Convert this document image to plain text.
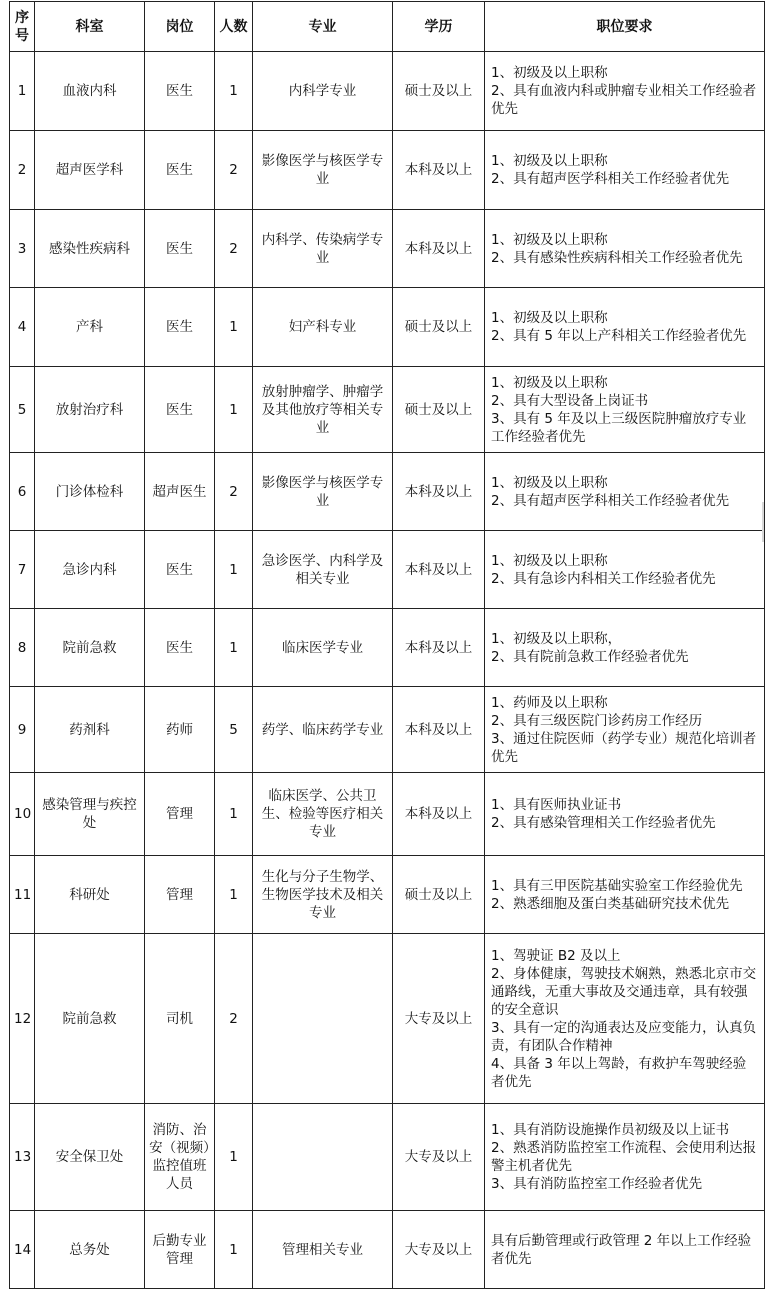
序号	科室	岗位	人数	专业	学历	职位要求
1	血液内科	医生	1	内科学专业	硕士及以上	1、初级及以上职称
2、具有血液内科或肿瘤专业相关工作经验者优先

2	超声医学科	医生	2	影像医学与核医学专业	本科及以上	1、初级及以上职称
2、具有超声医学科相关工作经验者优先

3	感染性疾病科	医生	2	内科学、传染病学专业	本科及以上	1、初级及以上职称
2、具有感染性疾病科相关工作经验者优先

4	产科	医生	1	妇产科专业	硕士及以上	1、初级及以上职称
2、具有 5 年以上产科相关工作经验者优先

5	放射治疗科	医生	1	放射肿瘤学、肿瘤学及其他放疗等相关专业	硕士及以上	1、初级及以上职称
2、具有大型设备上岗证书
3、具有 5 年及以上三级医院肿瘤放疗专业工作经验者优先

6	门诊体检科	超声医生	2	影像医学与核医学专业	本科及以上	1、初级及以上职称
2、具有超声医学科相关工作经验者优先

7	急诊内科	医生	1	急诊医学、内科学及相关专业	本科及以上	1、初级及以上职称
2、具有急诊内科相关工作经验者优先

8	院前急救	医生	1	临床医学专业	本科及以上	1、初级及以上职称，
2、具有院前急救工作经验者优先

9	药剂科	药师	5	药学、临床药学专业	本科及以上	1、药师及以上职称
2、具有三级医院门诊药房工作经历
3、通过住院医师（药学专业）规范化培训者优先

10	感染管理与疾控处	管理	1	临床医学、公共卫生、检验等医疗相关专业	本科及以上	1、具有医师执业证书
2、具有感染管理相关工作经验者优先

11	科研处	管理	1	生化与分子生物学、生物医学技术及相关专业	硕士及以上	1、具有三甲医院基础实验室工作经验优先
2、熟悉细胞及蛋白类基础研究技术优先

12	院前急救	司机	2		大专及以上	1、驾驶证 B2 及以上
2、身体健康，驾驶技术娴熟，熟悉北京市交通路线，无重大事故及交通违章，具有较强的安全意识
3、具有一定的沟通表达及应变能力，认真负责，有团队合作精神
4、具备 3 年以上驾龄，有救护车驾驶经验者优先

13	安全保卫处	消防、治安（视频）监控值班人员	1		大专及以上	1、具有消防设施操作员初级及以上证书
2、熟悉消防监控室工作流程、会使用利达报警主机者优先
3、具有消防监控室工作经验者优先

14	总务处	后勤专业管理	1	管理相关专业	大专及以上	具有后勤管理或行政管理 2 年以上工作经验者优先
